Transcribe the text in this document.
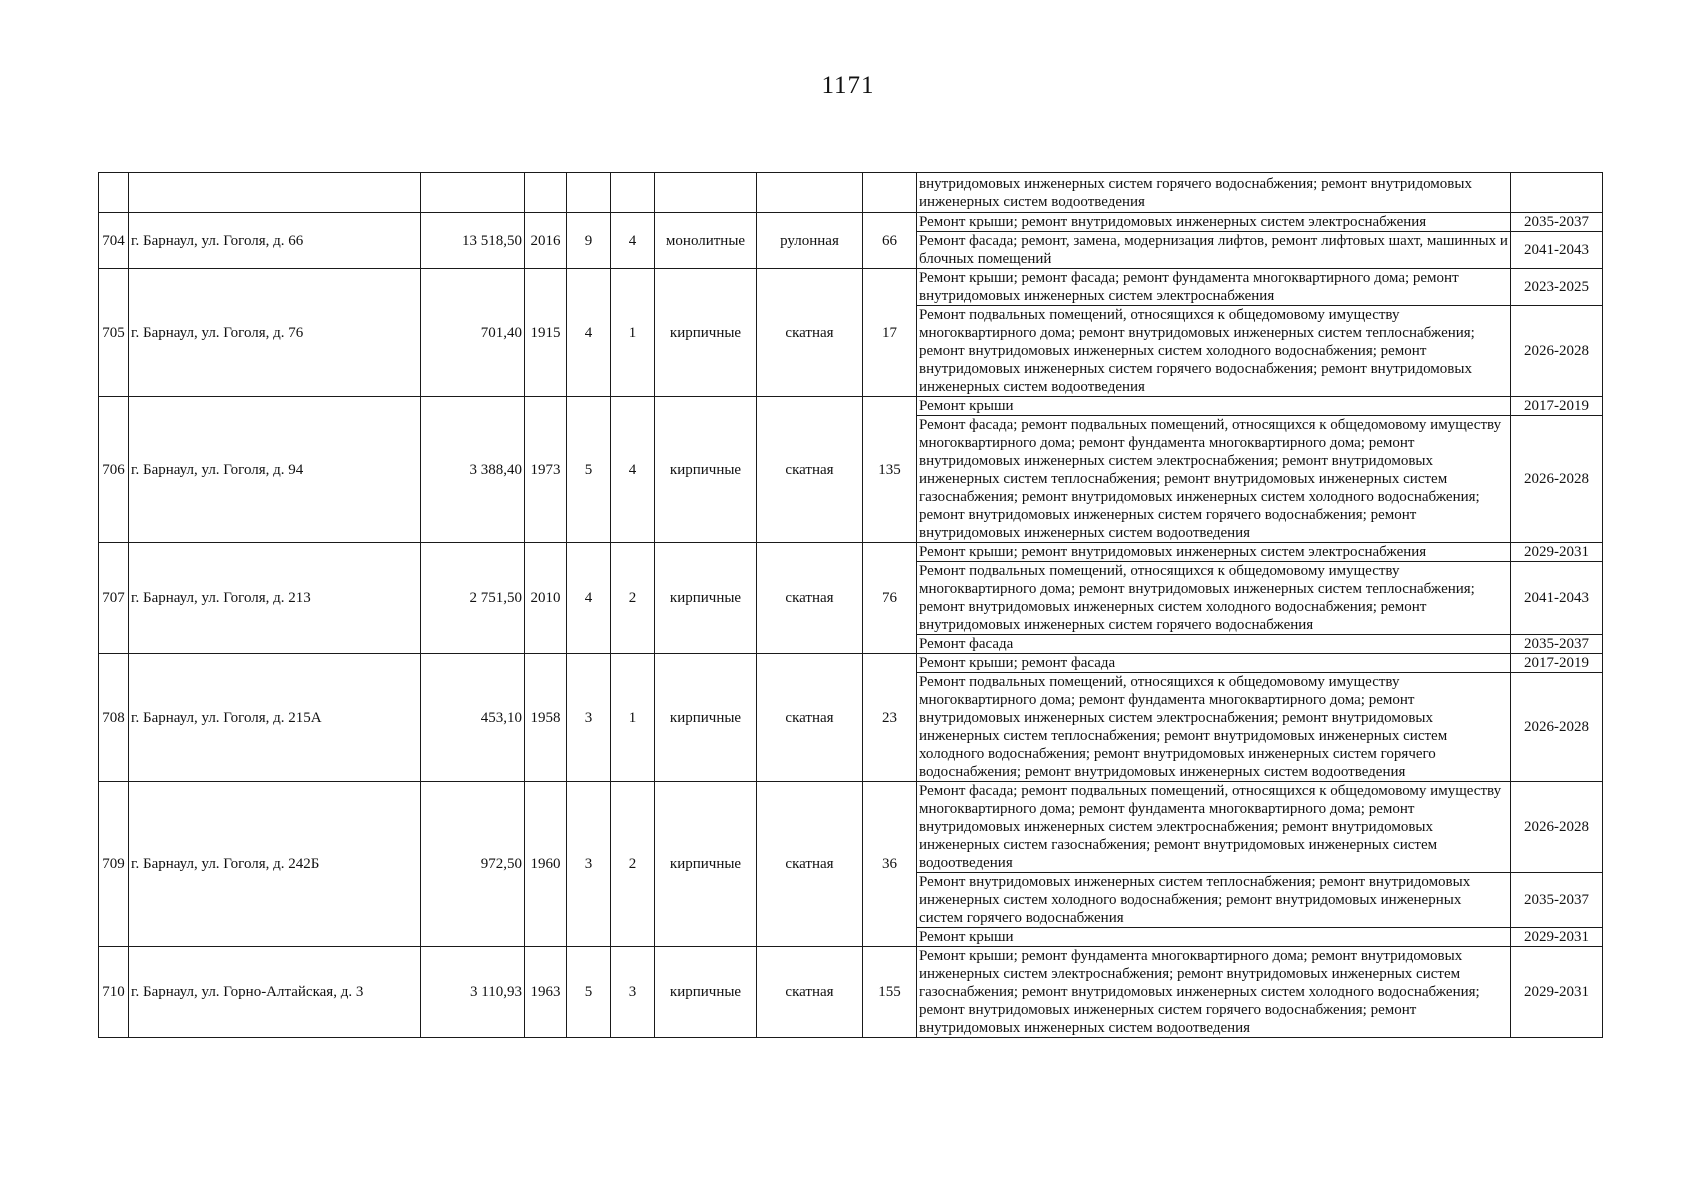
1171
									внутридомовых инженерных систем горячего водоснабжения; ремонт внутридомовых инженерных систем водоотведения	
704	г. Барнаул, ул. Гоголя, д. 66	13 518,50	2016	9	4	монолитные	рулонная	66	Ремонт крыши; ремонт внутридомовых инженерных систем электроснабжения	2035-2037
									Ремонт фасада; ремонт, замена, модернизация лифтов, ремонт лифтовых шахт, машинных и блочных помещений	2041-2043
705	г. Барнаул, ул. Гоголя, д. 76	701,40	1915	4	1	кирпичные	скатная	17	Ремонт крыши; ремонт фасада; ремонт фундамента многоквартирного дома; ремонт внутридомовых инженерных систем электроснабжения	2023-2025
									Ремонт подвальных помещений, относящихся к общедомовому имуществу многоквартирного дома; ремонт внутридомовых инженерных систем теплоснабжения; ремонт внутридомовых инженерных систем холодного водоснабжения; ремонт внутридомовых инженерных систем горячего водоснабжения; ремонт внутридомовых инженерных систем водоотведения	2026-2028
706	г. Барнаул, ул. Гоголя, д. 94	3 388,40	1973	5	4	кирпичные	скатная	135	Ремонт крыши	2017-2019
									Ремонт фасада; ремонт подвальных помещений, относящихся к общедомовому имуществу многоквартирного дома; ремонт фундамента многоквартирного дома; ремонт внутридомовых инженерных систем электроснабжения; ремонт внутридомовых инженерных систем теплоснабжения; ремонт внутридомовых инженерных систем газоснабжения; ремонт внутридомовых инженерных систем холодного водоснабжения; ремонт внутридомовых инженерных систем горячего водоснабжения; ремонт внутридомовых инженерных систем водоотведения	2026-2028
707	г. Барнаул, ул. Гоголя, д. 213	2 751,50	2010	4	2	кирпичные	скатная	76	Ремонт крыши; ремонт внутридомовых инженерных систем электроснабжения	2029-2031
									Ремонт подвальных помещений, относящихся к общедомовому имуществу многоквартирного дома; ремонт внутридомовых инженерных систем теплоснабжения; ремонт внутридомовых инженерных систем холодного водоснабжения; ремонт внутридомовых инженерных систем горячего водоснабжения	2041-2043
									Ремонт фасада	2035-2037
708	г. Барнаул, ул. Гоголя, д. 215А	453,10	1958	3	1	кирпичные	скатная	23	Ремонт крыши; ремонт фасада	2017-2019
									Ремонт подвальных помещений, относящихся к общедомовому имуществу многоквартирного дома; ремонт фундамента многоквартирного дома; ремонт внутридомовых инженерных систем электроснабжения; ремонт внутридомовых инженерных систем теплоснабжения; ремонт внутридомовых инженерных систем холодного водоснабжения; ремонт внутридомовых инженерных систем горячего водоснабжения; ремонт внутридомовых инженерных систем водоотведения	2026-2028
709	г. Барнаул, ул. Гоголя, д. 242Б	972,50	1960	3	2	кирпичные	скатная	36	Ремонт фасада; ремонт подвальных помещений, относящихся к общедомовому имуществу многоквартирного дома; ремонт фундамента многоквартирного дома; ремонт внутридомовых инженерных систем электроснабжения; ремонт внутридомовых инженерных систем газоснабжения; ремонт внутридомовых инженерных систем водоотведения	2026-2028
									Ремонт внутридомовых инженерных систем теплоснабжения; ремонт внутридомовых инженерных систем холодного водоснабжения; ремонт внутридомовых инженерных систем горячего водоснабжения	2035-2037
									Ремонт крыши	2029-2031
710	г. Барнаул, ул. Горно-Алтайская, д. 3	3 110,93	1963	5	3	кирпичные	скатная	155	Ремонт крыши; ремонт фундамента многоквартирного дома; ремонт внутридомовых инженерных систем электроснабжения; ремонт внутридомовых инженерных систем газоснабжения; ремонт внутридомовых инженерных систем холодного водоснабжения; ремонт внутридомовых инженерных систем горячего водоснабжения; ремонт внутридомовых инженерных систем водоотведения	2029-2031
